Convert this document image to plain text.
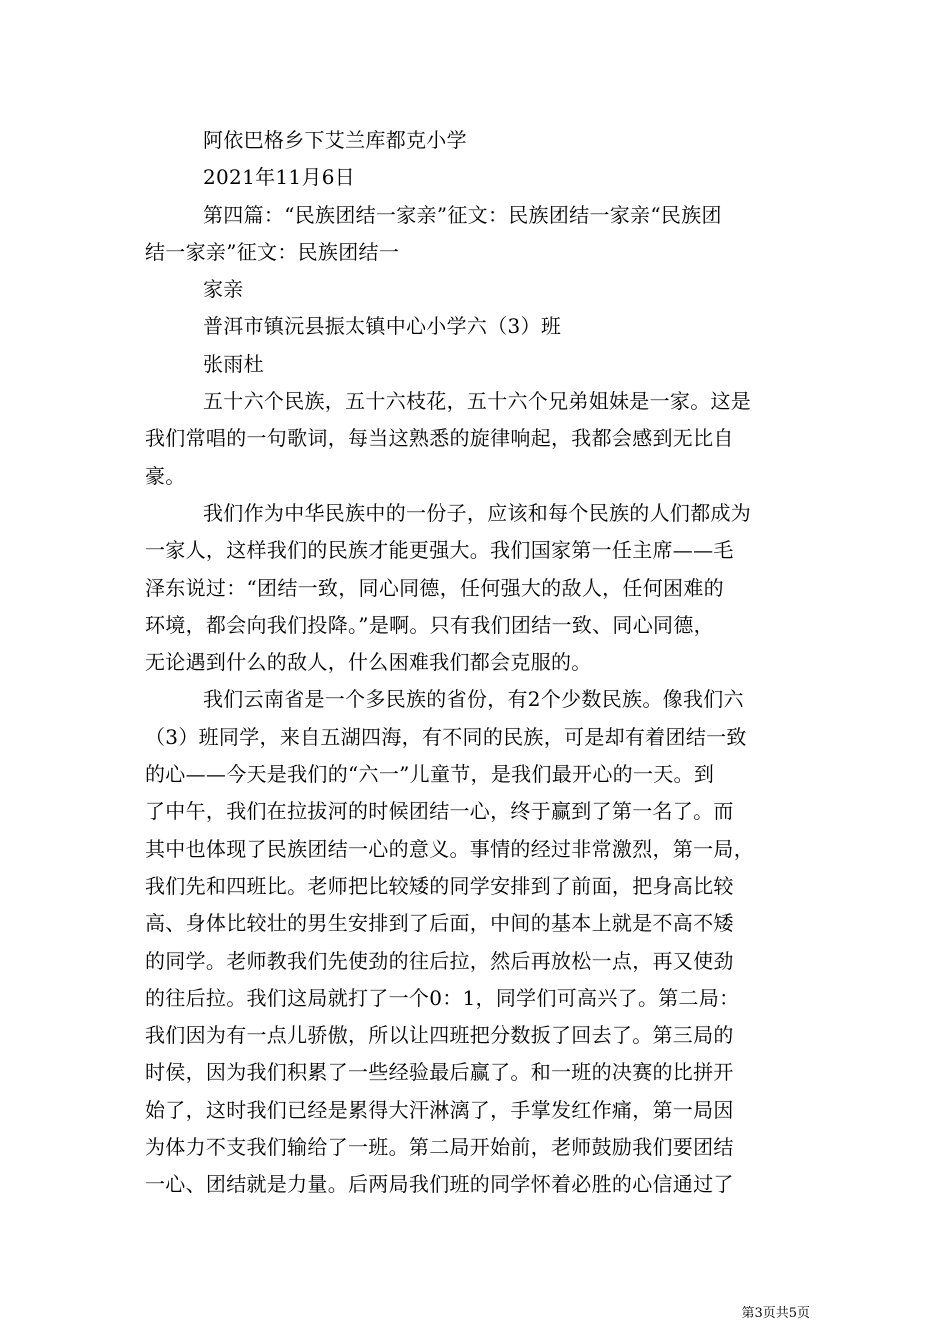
阿依巴格乡下艾兰库都克小学
2021年11月6日
第四篇：“民族团结一家亲”征文：民族团结一家亲“民族团
结一家亲”征文：民族团结一
家亲
普洱市镇沅县振太镇中心小学六（3）班
张雨杜
五十六个民族，五十六枝花，五十六个兄弟姐妹是一家。这是
我们常唱的一句歌词，每当这熟悉的旋律响起，我都会感到无比自
豪。
我们作为中华民族中的一份子，应该和每个民族的人们都成为
一家人，这样我们的民族才能更强大。我们国家第一任主席——毛
泽东说过：“团结一致，同心同德，任何强大的敌人，任何困难的
环境，都会向我们投降。”是啊。只有我们团结一致、同心同德，
无论遇到什么的敌人，什么困难我们都会克服的。
我们云南省是一个多民族的省份，有2个少数民族。像我们六
（3）班同学，来自五湖四海，有不同的民族，可是却有着团结一致
的心——今天是我们的“六一”儿童节，是我们最开心的一天。到
了中午，我们在拉拔河的时候团结一心，终于赢到了第一名了。而
其中也体现了民族团结一心的意义。事情的经过非常激烈，第一局，
我们先和四班比。老师把比较矮的同学安排到了前面，把身高比较
高、身体比较壮的男生安排到了后面，中间的基本上就是不高不矮
的同学。老师教我们先使劲的往后拉，然后再放松一点，再又使劲
的往后拉。我们这局就打了一个0：1，同学们可高兴了。第二局：
我们因为有一点儿骄傲，所以让四班把分数扳了回去了。第三局的
时侯，因为我们积累了一些经验最后赢了。和一班的决赛的比拼开
始了，这时我们已经是累得大汗淋漓了，手掌发红作痛，第一局因
为体力不支我们输给了一班。第二局开始前，老师鼓励我们要团结
一心、团结就是力量。后两局我们班的同学怀着必胜的心信通过了
第3页共5页
